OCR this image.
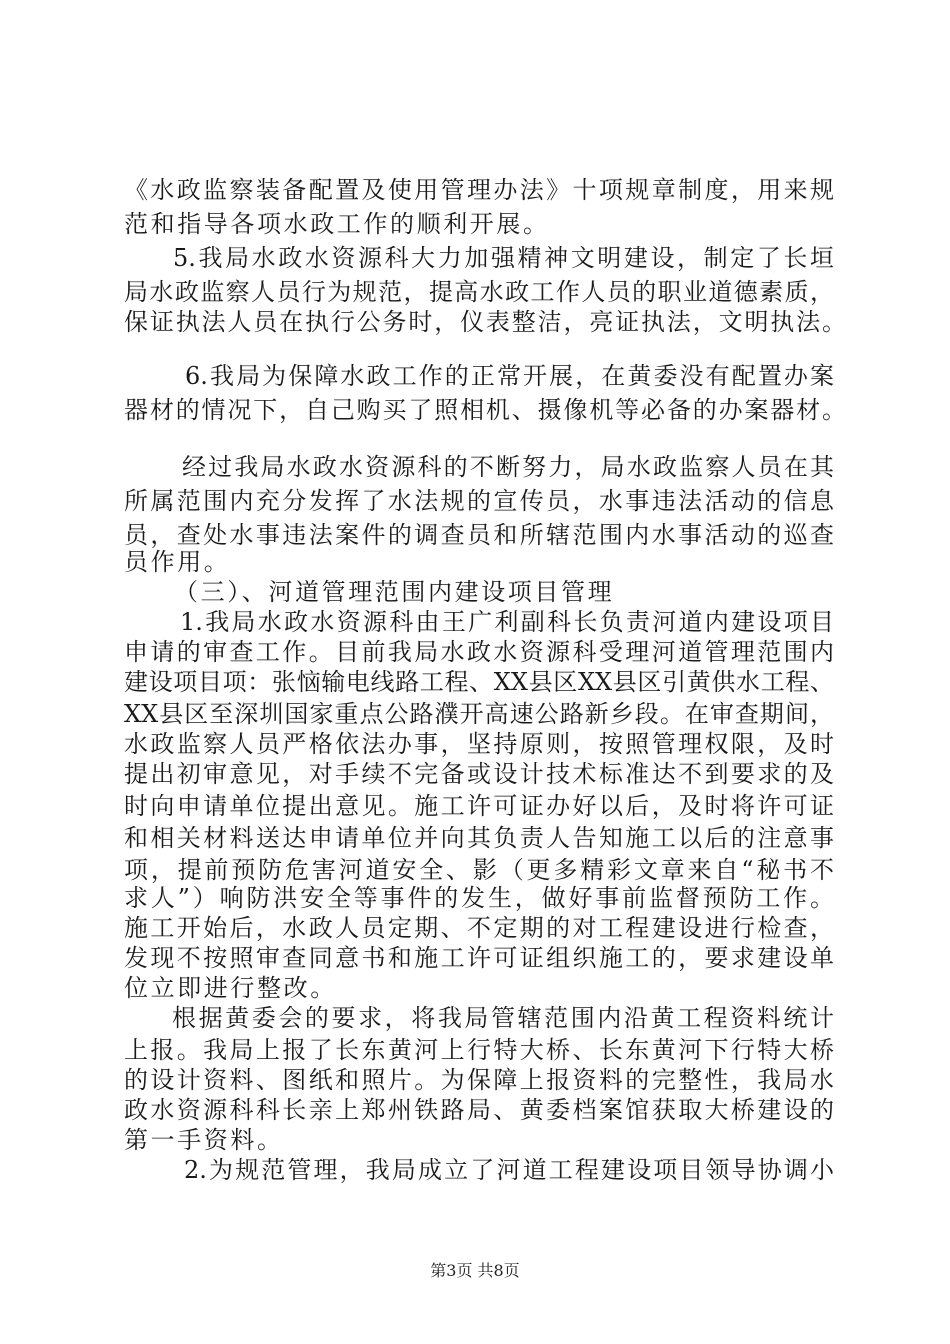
《水政监察装备配置及使用管理办法》十项规章制度，用来规
范和指导各项水政工作的顺利开展。
5.我局水政水资源科大力加强精神文明建设，制定了长垣
局水政监察人员行为规范，提高水政工作人员的职业道德素质，
保证执法人员在执行公务时，仪表整洁，亮证执法，文明执法。
6.我局为保障水政工作的正常开展，在黄委没有配置办案
器材的情况下，自己购买了照相机、摄像机等必备的办案器材。
经过我局水政水资源科的不断努力，局水政监察人员在其
所属范围内充分发挥了水法规的宣传员，水事违法活动的信息
员，查处水事违法案件的调查员和所辖范围内水事活动的巡查
员作用。
（三）、河道管理范围内建设项目管理
1.我局水政水资源科由王广利副科长负责河道内建设项目
申请的审查工作。目前我局水政水资源科受理河道管理范围内
建设项目项：张恼输电线路工程、XX县区XX县区引黄供水工程、
XX县区至深圳国家重点公路濮开高速公路新乡段。在审查期间，
水政监察人员严格依法办事，坚持原则，按照管理权限，及时
提出初审意见，对手续不完备或设计技术标准达不到要求的及
时向申请单位提出意见。施工许可证办好以后，及时将许可证
和相关材料送达申请单位并向其负责人告知施工以后的注意事
项，提前预防危害河道安全、影（更多精彩文章来自“秘书不
求人”）响防洪安全等事件的发生，做好事前监督预防工作。
施工开始后，水政人员定期、不定期的对工程建设进行检查，
发现不按照审查同意书和施工许可证组织施工的，要求建设单
位立即进行整改。
根据黄委会的要求，将我局管辖范围内沿黄工程资料统计
上报。我局上报了长东黄河上行特大桥、长东黄河下行特大桥
的设计资料、图纸和照片。为保障上报资料的完整性，我局水
政水资源科科长亲上郑州铁路局、黄委档案馆获取大桥建设的
第一手资料。
2.为规范管理，我局成立了河道工程建设项目领导协调小
第3页 共8页
